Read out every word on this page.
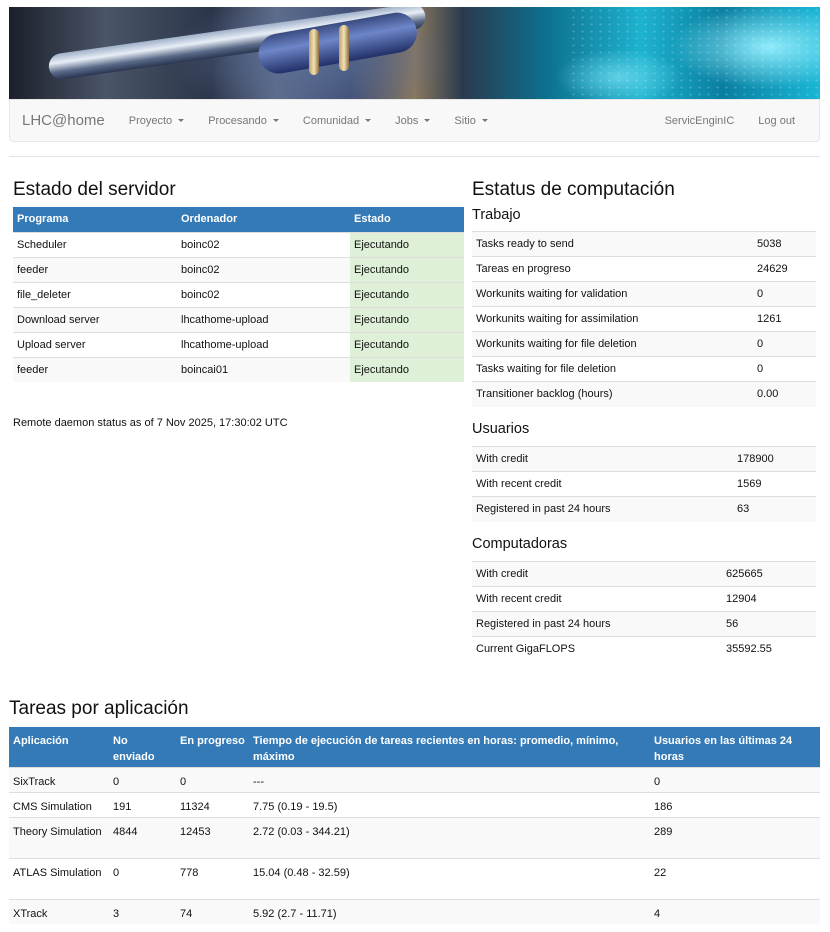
LHC@home Proyecto	Procesando	Comunidad	Jobs	Sitio	ServicEnginIC	Log out
Estado del servidor
Programa	Ordenador	Estado
Scheduler	boinc02	Ejecutando
feeder	boinc02	Ejecutando
file_deleter	boinc02	Ejecutando
Download server	lhcathome-upload	Ejecutando
Upload server	lhcathome-upload	Ejecutando
feeder	boincai01	Ejecutando
Remote daemon status as of 7 Nov 2025, 17:30:02 UTC
Estatus de computación
Trabajo
Tasks ready to send	5038
Tareas en progreso	24629
Workunits waiting for validation	0
Workunits waiting for assimilation	1261
Workunits waiting for file deletion	0
Tasks waiting for file deletion	0
Transitioner backlog (hours)	0.00
Usuarios
With credit	178900
With recent credit	1569
Registered in past 24 hours	63
Computadoras
With credit	625665
With recent credit	12904
Registered in past 24 hours	56
Current GigaFLOPS	35592.55
Tareas por aplicación
Aplicación	No enviado	En progreso	Tiempo de ejecución de tareas recientes en horas: promedio, mínimo, máximo	Usuarios en las últimas 24 horas
SixTrack	0	0	---	0
CMS Simulation	191	11324	7.75 (0.19 - 19.5)	186
Theory Simulation	4844	12453	2.72 (0.03 - 344.21)	289
ATLAS Simulation	0	778	15.04 (0.48 - 32.59)	22
XTrack	3	74	5.92 (2.7 - 11.71)	4
